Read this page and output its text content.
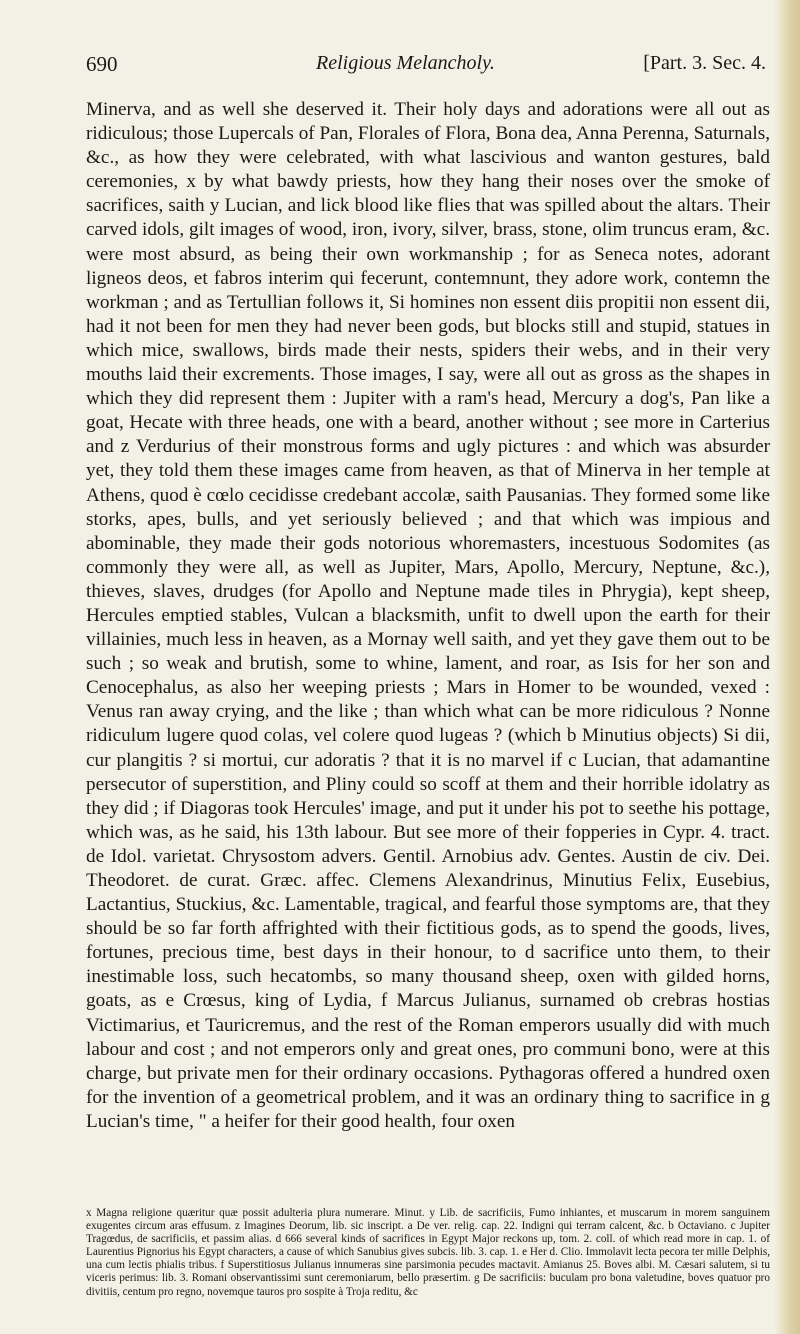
690	Religious Melancholy.	[Part. 3. Sec. 4.

Minerva, and as well she deserved it. Their holy days and adorations were all out as ridiculous; those Lupercals of Pan, Florales of Flora, Bona dea, Anna Perenna, Saturnals, &c., as how they were celebrated, with what lascivious and wanton gestures, bald ceremonies, x by what bawdy priests, how they hang their noses over the smoke of sacrifices, saith y Lucian, and lick blood like flies that was spilled about the altars. Their carved idols, gilt images of wood, iron, ivory, silver, brass, stone, olim truncus eram, &c. were most absurd, as being their own workmanship ; for as Seneca notes, adorant ligneos deos, et fabros interim qui fecerunt, contemnunt, they adore work, contemn the workman ; and as Tertullian follows it, Si homines non essent diis propitii non essent dii, had it not been for men they had never been gods, but blocks still and stupid, statues in which mice, swallows, birds made their nests, spiders their webs, and in their very mouths laid their excrements. Those images, I say, were all out as gross as the shapes in which they did represent them : Jupiter with a ram's head, Mercury a dog's, Pan like a goat, Hecate with three heads, one with a beard, another without ; see more in Carterius and z Verdurius of their monstrous forms and ugly pictures : and which was absurder yet, they told them these images came from heaven, as that of Minerva in her temple at Athens, quod è cœlo cecidisse credebant accolæ, saith Pausanias. They formed some like storks, apes, bulls, and yet seriously believed ; and that which was impious and abominable, they made their gods notorious whoremasters, incestuous Sodomites (as commonly they were all, as well as Jupiter, Mars, Apollo, Mercury, Neptune, &c.), thieves, slaves, drudges (for Apollo and Neptune made tiles in Phrygia), kept sheep, Hercules emptied stables, Vulcan a blacksmith, unfit to dwell upon the earth for their villainies, much less in heaven, as a Mornay well saith, and yet they gave them out to be such ; so weak and brutish, some to whine, lament, and roar, as Isis for her son and Cenocephalus, as also her weeping priests ; Mars in Homer to be wounded, vexed : Venus ran away crying, and the like ; than which what can be more ridiculous ? Nonne ridiculum lugere quod colas, vel colere quod lugeas ? (which b Minutius objects) Si dii, cur plangitis ? si mortui, cur adoratis ? that it is no marvel if c Lucian, that adamantine persecutor of superstition, and Pliny could so scoff at them and their horrible idolatry as they did ; if Diagoras took Hercules' image, and put it under his pot to seethe his pottage, which was, as he said, his 13th labour. But see more of their fopperies in Cypr. 4. tract. de Idol. varietat. Chrysostom advers. Gentil. Arnobius adv. Gentes. Austin de civ. Dei. Theodoret. de curat. Græc. affec. Clemens Alexandrinus, Minutius Felix, Eusebius, Lactantius, Stuckius, &c. Lamentable, tragical, and fearful those symptoms are, that they should be so far forth affrighted with their fictitious gods, as to spend the goods, lives, fortunes, precious time, best days in their honour, to d sacrifice unto them, to their inestimable loss, such hecatombs, so many thousand sheep, oxen with gilded horns, goats, as e Crœsus, king of Lydia, f Marcus Julianus, surnamed ob crebras hostias Victimarius, et Tauricremus, and the rest of the Roman emperors usually did with much labour and cost ; and not emperors only and great ones, pro communi bono, were at this charge, but private men for their ordinary occasions. Pythagoras offered a hundred oxen for the invention of a geometrical problem, and it was an ordinary thing to sacrifice in g Lucian's time, " a heifer for their good health, four oxen

x Magna religione quæritur quæ possit adulteria plura numerare. Minut. y Lib. de sacrificiis, Fumo inhiantes, et muscarum in morem sanguinem exugentes circum aras effusum. z Imagines Deorum, lib. sic inscript. a De ver. relig. cap. 22. Indigni qui terram calcent, &c. b Octaviano. c Jupiter Tragœdus, de sacrificiis, et passim alias. d 666 several kinds of sacrifices in Egypt Major reckons up, tom. 2. coll. of which read more in cap. 1. of Laurentius Pignorius his Egypt characters, a cause of which Sanubius gives subcis. lib. 3. cap. 1. e Her d. Clio. Immolavit lecta pecora ter mille Delphis, una cum lectis phialis tribus. f Superstitiosus Julianus innumeras sine parsimonia pecudes mactavit. Amianus 25. Boves albi. M. Cæsari salutem, si tu viceris perimus: lib. 3. Romani observantissimi sunt ceremoniarum, bello præsertim. g De sacrificiis: buculam pro bona valetudine, boves quatuor pro divitiis, centum pro regno, novemque tauros pro sospite à Troja reditu, &c
